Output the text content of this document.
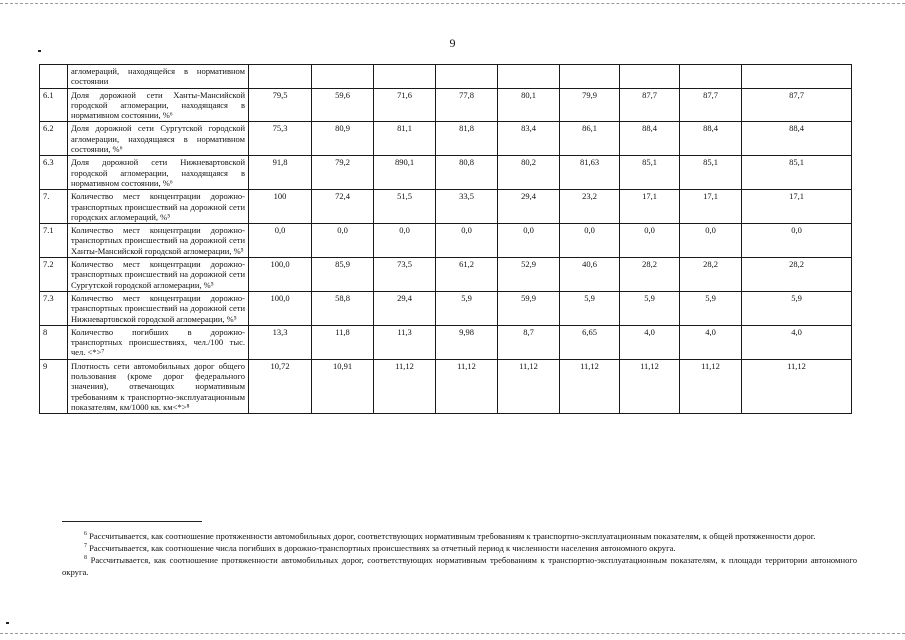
9
	агломераций, находящейся в нормативном состоянии									
6.1	Доля дорожной сети Ханты-Мансийской городской агломерации, находящаяся в нормативном состоянии, %⁶	79,5	59,6	71,6	77,8	80,1	79,9	87,7	87,7	87,7
6.2	Доля дорожной сети Сургутской городской агломерации, находящаяся в нормативном состоянии, %⁶	75,3	80,9	81,1	81,8	83,4	86,1	88,4	88,4	88,4
6.3	Доля дорожной сети Нижневартовской городской агломерации, находящаяся в нормативном состоянии, %⁶	91,8	79,2	890,1	80,8	80,2	81,63	85,1	85,1	85,1
7.	Количество мест концентрации дорожно-транспортных происшествий на дорожной сети городских агломераций, %⁵	100	72,4	51,5	33,5	29,4	23,2	17,1	17,1	17,1
7.1	Количество мест концентрации дорожно-транспортных происшествий на дорожной сети Ханты-Мансийской городской агломерации, %⁵	0,0	0,0	0,0	0,0	0,0	0,0	0,0	0,0	0,0
7.2	Количество мест концентрации дорожно-транспортных происшествий на дорожной сети Сургутской городской агломерации, %⁵	100,0	85,9	73,5	61,2	52,9	40,6	28,2	28,2	28,2
7.3	Количество мест концентрации дорожно-транспортных происшествий на дорожной сети Нижневартовской городской агломерации, %⁵	100,0	58,8	29,4	5,9	59,9	5,9	5,9	5,9	5,9
8	Количество погибших в дорожно-транспортных происшествиях, чел./100 тыс. чел. <*>⁷	13,3	11,8	11,3	9,98	8,7	6,65	4,0	4,0	4,0
9	Плотность сети автомобильных дорог общего пользования (кроме дорог федерального значения), отвечающих нормативным требованиям к транспортно-эксплуатационным показателям, км/1000 кв. км<*>⁸	10,72	10,91	11,12	11,12	11,12	11,12	11,12	11,12	11,12

$^6$ Рассчитывается, как соотношение протяженности автомобильных дорог, соответствующих нормативным требованиям к транспортно-эксплуатационным показателям, к общей протяженности дорог.

$^7$ Рассчитывается, как соотношение числа погибших в дорожно-транспортных происшествиях за отчетный период к численности населения автономного округа.

$^8$ Рассчитывается, как соотношение протяженности автомобильных дорог, соответствующих нормативным требованиям к транспортно-эксплуатационным показателям, к площади территории автономного округа.
